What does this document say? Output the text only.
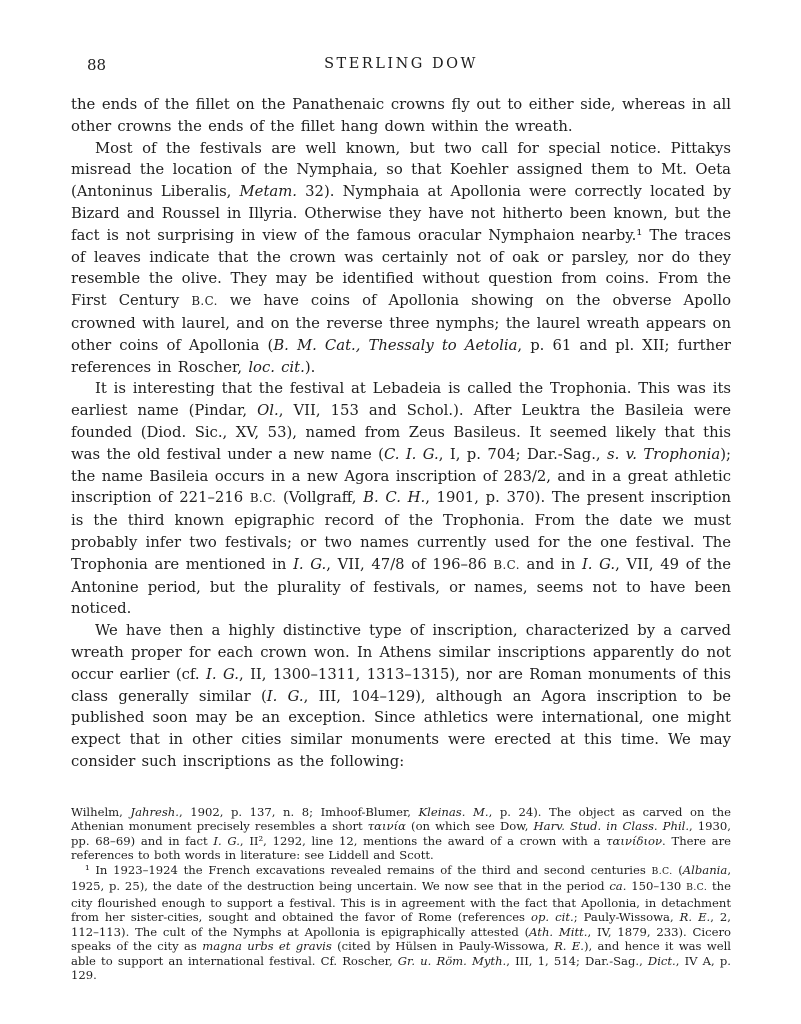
88	STERLING DOW

the ends of the fillet on the Panathenaic crowns fly out to either side, whereas in all other crowns the ends of the fillet hang down within the wreath.

Most of the festivals are well known, but two call for special notice. Pittakys misread the location of the Nymphaia, so that Koehler assigned them to Mt. Oeta (Antoninus Liberalis, Metam. 32). Nymphaia at Apollonia were correctly located by Bizard and Roussel in Illyria. Otherwise they have not hitherto been known, but the fact is not surprising in view of the famous oracular Nymphaion nearby.¹ The traces of leaves indicate that the crown was certainly not of oak or parsley, nor do they resemble the olive. They may be identified without question from coins. From the First Century B.C. we have coins of Apollonia showing on the obverse Apollo crowned with laurel, and on the reverse three nymphs; the laurel wreath appears on other coins of Apollonia (B. M. Cat., Thessaly to Aetolia, p. 61 and pl. XII; further references in Roscher, loc. cit.).

It is interesting that the festival at Lebadeia is called the Trophonia. This was its earliest name (Pindar, Ol., VII, 153 and Schol.). After Leuktra the Basileia were founded (Diod. Sic., XV, 53), named from Zeus Basileus. It seemed likely that this was the old festival under a new name (C. I. G., I, p. 704; Dar.-Sag., s. v. Trophonia); the name Basileia occurs in a new Agora inscription of 283/2, and in a great athletic inscription of 221–216 B.C. (Vollgraff, B. C. H., 1901, p. 370). The present inscription is the third known epigraphic record of the Trophonia. From the date we must probably infer two festivals; or two names currently used for the one festival. The Trophonia are mentioned in I. G., VII, 47/8 of 196–86 B.C. and in I. G., VII, 49 of the Antonine period, but the plurality of festivals, or names, seems not to have been noticed.

We have then a highly distinctive type of inscription, characterized by a carved wreath proper for each crown won. In Athens similar inscriptions apparently do not occur earlier (cf. I. G., II, 1300–1311, 1313–1315), nor are Roman monuments of this class generally similar (I. G., III, 104–129), although an Agora inscription to be published soon may be an exception. Since athletics were international, one might expect that in other cities similar monuments were erected at this time. We may consider such inscriptions as the following:

Wilhelm, Jahresh., 1902, p. 137, n. 8; Imhoof-Blumer, Kleinas. M., p. 24). The object as carved on the Athenian monument precisely resembles a short ταινία (on which see Dow, Harv. Stud. in Class. Phil., 1930, pp. 68–69) and in fact I. G., II², 1292, line 12, mentions the award of a crown with a ταινίδιον. There are references to both words in literature: see Liddell and Scott.

¹ In 1923–1924 the French excavations revealed remains of the third and second centuries B.C. (Albania, 1925, p. 25), the date of the destruction being uncertain. We now see that in the period ca. 150–130 B.C. the city flourished enough to support a festival. This is in agreement with the fact that Apollonia, in detachment from her sister-cities, sought and obtained the favor of Rome (references op. cit.; Pauly-Wissowa, R. E., 2, 112–113). The cult of the Nymphs at Apollonia is epigraphically attested (Ath. Mitt., IV, 1879, 233). Cicero speaks of the city as magna urbs et gravis (cited by Hülsen in Pauly-Wissowa, R. E.), and hence it was well able to support an international festival. Cf. Roscher, Gr. u. Röm. Myth., III, 1, 514; Dar.-Sag., Dict., IV A, p. 129.
